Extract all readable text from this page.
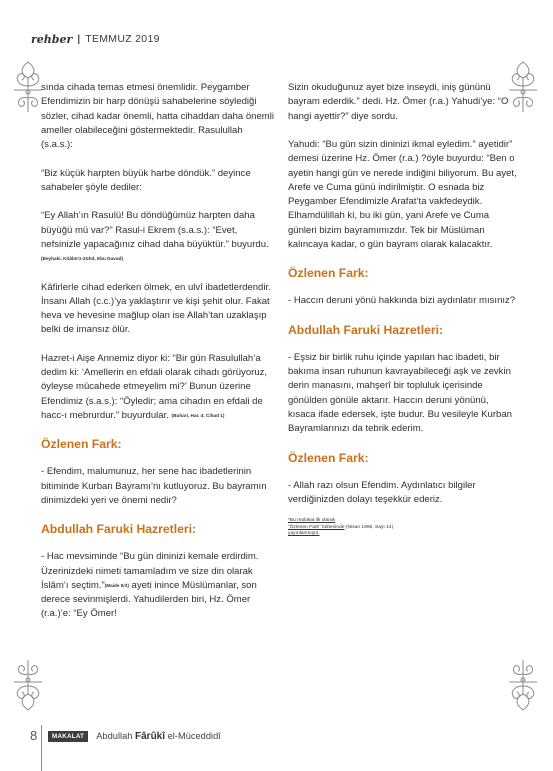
rehber | TEMMUZ 2019

sında cihada temas etmesi önemlidir. Peygamber Efendimizin bir harp dönüşü sahabelerine söylediği sözler, cihad kadar önemli, hatta cihaddan daha önemli ameller olabileceğini göstermektedir. Rasulullah (s.a.s.):

“Biz küçük harpten büyük harbe döndük.” deyince sahabeler şöyle dediler:

“Ey Allah’ın Rasulü! Bu döndüğümüz harpten daha büyüğü mü var?” Rasul-i Ekrem (s.a.s.): “Evet, nefsinizle yapacağınız cihad daha büyüktür.” buyurdu. (Beyhaki, Kitâbü’z-Zühd, Ebu Davud)

Kâfirlerle cihad ederken ölmek, en ulvî ibadetlerdendir. İnsanı Allah (c.c.)’ya yaklaştırır ve kişi şehit olur. Fakat heva ve hevesine mağlup olan ise Allah’tan uzaklaşıp belki de imansız ölür.

Hazret-i Aişe Annemiz diyor ki: “Bir gün Rasulullah’a dedim ki: ‘Amellerin en efdali olarak cihadı görüyoruz, öyleyse mücahede etmeyelim mi?’ Bunun üzerine Efendimiz (s.a.s.): “Öyledir; ama cihadın en efdali de hacc-ı mebrurdur.” buyurdular. (Buhari, Hac 4; Cihad 1)

Özlenen Fark:

- Efendim, malumunuz, her sene hac ibadetlerinin bitiminde Kurban Bayramı’nı kutluyoruz. Bu bayramın dinimizdeki yeri ve önemi nedir?

Abdullah Faruki Hazretleri:

- Hac mevsiminde “Bu gün dininizi kemale erdirdim. Üzerinizdeki nimeti tamamladım ve size din olarak İslâm’ı seçtim.”(Maide 5/3) ayeti inince Müslümanlar, son derece sevinmişlerdi. Yahudilerden biri, Hz. Ömer (r.a.)’e: “Ey Ömer!

Sizin okuduğunuz ayet bize inseydi, iniş gününü bayram ederdik.” dedi. Hz. Ömer (r.a.) Yahudi’ye: “O hangi ayettir?” diye sordu.

Yahudi: “Bu gün sizin dininizi ikmal eyledim.” ayetidir” demesi üzerine Hz. Ömer (r.a.) ?öyle buyurdu: “Ben o ayetin hangi gün ve nerede indiğini biliyorum. Bu ayet, Arefe ve Cuma günü indirilmiştir. O esnada biz Peygamber Efendimizle Arafat’ta vakfedeydik. Elhamdülillah ki, bu iki gün, yani Arefe ve Cuma günleri bizim bayramımızdır. Tek bir Müslüman kalıncaya kadar, o gün bayram olarak kalacaktır.

Özlenen Fark:

- Haccın deruni yönü hakkında bizi aydınlatır mısınız?

Abdullah Faruki Hazretleri:

- Eşsiz bir birlik ruhu içinde yapılan hac ibadeti, bir bakıma insan ruhunun kavrayabileceği aşk ve zevkin derin manasını, mahşerî bir topluluk içerisinde gönülden gönüle aktarır. Haccın deruni yönünü, kısaca ifade edersek, işte budur. Bu vesileyle Kurban Bayramlarınızı da tebrik ederim.

Özlenen Fark:

- Allah razı olsun Efendim. Aydınlatıcı bilgiler verdiğinizden dolayı teşekkür ederiz.

*Bu mülakat ilk olarak
“Özlenen Fark” bülteninde (Nisan 1996, Sayı 14)
yayınlanmıştır.
8	MAKALAT	Abdullah Fârûkî el-Müceddidî
